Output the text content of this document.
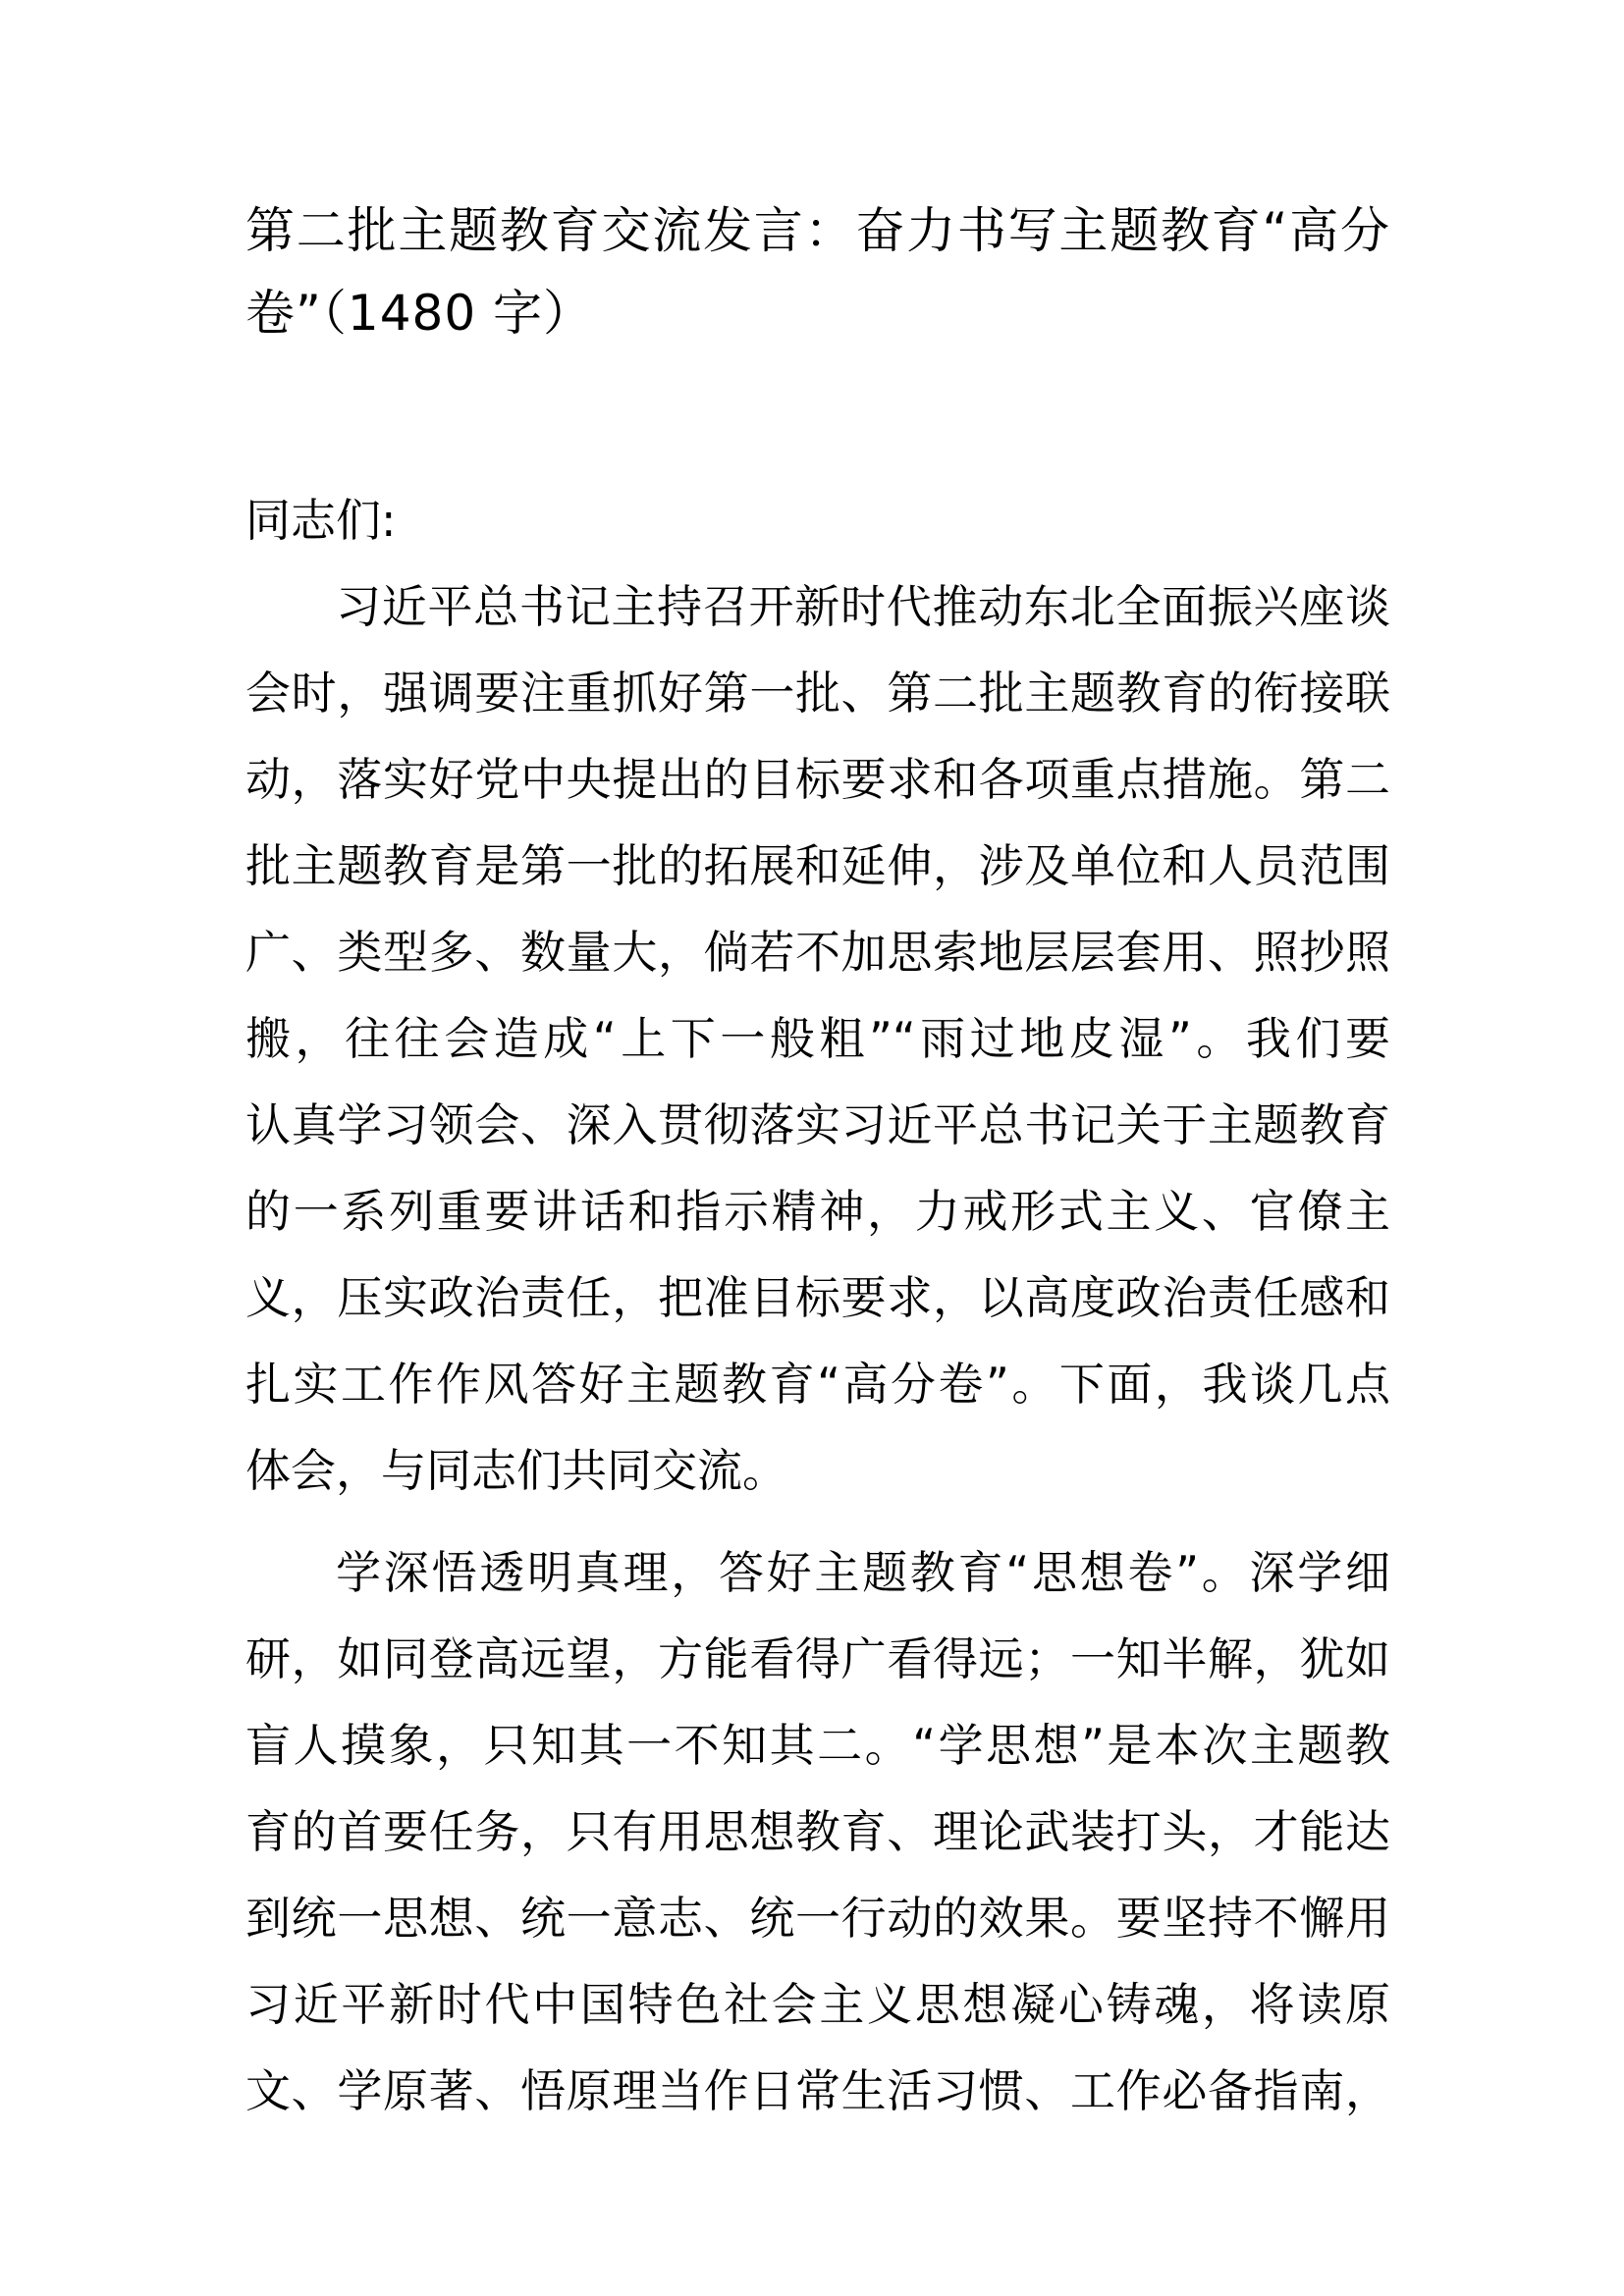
第二批主题教育交流发言：奋力书写主题教育“高分
卷”（1480 字）
同志们:
习近平总书记主持召开新时代推动东北全面振兴座谈
会时，强调要注重抓好第一批、第二批主题教育的衔接联
动，落实好党中央提出的目标要求和各项重点措施。第二
批主题教育是第一批的拓展和延伸，涉及单位和人员范围
广、类型多、数量大，倘若不加思索地层层套用、照抄照
搬，往往会造成“上下一般粗”“雨过地皮湿”。我们要
认真学习领会、深入贯彻落实习近平总书记关于主题教育
的一系列重要讲话和指示精神，力戒形式主义、官僚主
义，压实政治责任，把准目标要求，以高度政治责任感和
扎实工作作风答好主题教育“高分卷”。下面，我谈几点
体会，与同志们共同交流。
学深悟透明真理，答好主题教育“思想卷”。深学细
研，如同登高远望，方能看得广看得远；一知半解，犹如
盲人摸象，只知其一不知其二。“学思想”是本次主题教
育的首要任务，只有用思想教育、理论武装打头，才能达
到统一思想、统一意志、统一行动的效果。要坚持不懈用
习近平新时代中国特色社会主义思想凝心铸魂，将读原
文、学原著、悟原理当作日常生活习惯、工作必备指南，
